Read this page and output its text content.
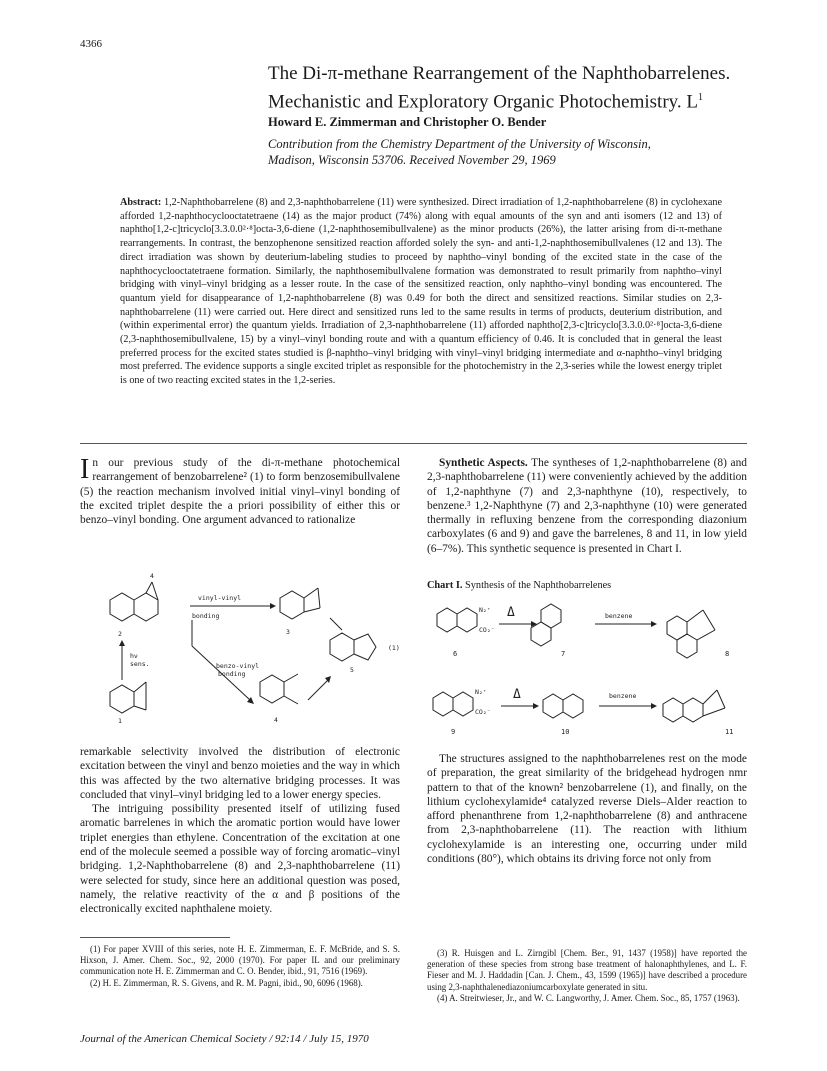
4366
The Di-π-methane Rearrangement of the Naphthobarrelenes.
Mechanistic and Exploratory Organic Photochemistry. $L^1$
Howard E. Zimmerman and Christopher O. Bender
Contribution from the Chemistry Department of the University of Wisconsin,
Madison, Wisconsin 53706. Received November 29, 1969
Abstract: 1,2-Naphthobarrelene (8) and 2,3-naphthobarrelene (11) were synthesized. Direct irradiation of 1,2-naphthobarrelene (8) in cyclohexane afforded 1,2-naphthocyclooctatetraene (14) as the major product (74%) along with equal amounts of the syn and anti isomers (12 and 13) of naphtho[1,2-c]tricyclo[3.3.0.0²·⁸]octa-3,6-diene (1,2-naphthosemibullvalene) as the minor products (26%), the latter arising from di-π-methane rearrangements. In contrast, the benzophenone sensitized reaction afforded solely the syn- and anti-1,2-naphthosemibullvalenes (12 and 13). The direct irradiation was shown by deuterium-labeling studies to proceed by naphtho–vinyl bonding of the excited state in the case of the naphthocyclooctatetraene formation. Similarly, the naphthosemibullvalene formation was demonstrated to result primarily from naphtho–vinyl bridging with vinyl–vinyl bridging as a lesser route. In the case of the sensitized reaction, only naphtho–vinyl bonding was encountered. The quantum yield for disappearance of 1,2-naphthobarrelene (8) was 0.49 for both the direct and sensitized reactions. Similar studies on 2,3-naphthobarrelene (11) were carried out. Here direct and sensitized runs led to the same results in terms of products, deuterium distribution, and (within experimental error) the quantum yields. Irradiation of 2,3-naphthobarrelene (11) afforded naphtho[2,3-c]tricyclo[3.3.0.0²·⁸]octa-3,6-diene (2,3-naphthosemibullvalene, 15) by a vinyl–vinyl bonding route and with a quantum efficiency of 0.46. It is concluded that in general the least preferred process for the excited states studied is β-naphtho–vinyl bridging with vinyl–vinyl bridging intermediate and α-naphtho–vinyl bridging most preferred. The evidence supports a single excited triplet as responsible for the photochemistry in the 2,3-series while the lowest energy triplet is one of two reacting excited states in the 1,2-series.

In our previous study of the di-π-methane photochemical rearrangement of benzobarrelene² (1) to form benzosemibullvalene (5) the reaction mechanism involved initial vinyl–vinyl bonding of the excited triplet despite the a priori possibility of either this or benzo–vinyl bonding. One argument advanced to rationalize

4
2
vinyl-vinyl
bonding
3
(1)
5
hν
sens.	benzo-vinyl
bonding
1	4

remarkable selectivity involved the distribution of electronic excitation between the vinyl and benzo moieties and the way in which this was affected by the two alternative bridging processes. It was concluded that vinyl–vinyl bridging led to a lower energy species.

The intriguing possibility presented itself of utilizing fused aromatic barrelenes in which the aromatic portion would have lower triplet energies than ethylene. Concentration of the excitation at one end of the molecule seemed a possible way of forcing aromatic–vinyl bridging. 1,2-Naphthobarrelene (8) and 2,3-naphthobarrelene (11) were selected for study, since here an additional question was posed, namely, the relative reactivity of the α and β positions of the electronically excited naphthalene moiety.

(1) For paper XVIII of this series, note H. E. Zimmerman, E. F. McBride, and S. S. Hixson, J. Amer. Chem. Soc., 92, 2000 (1970). For paper IL and our preliminary communication note H. E. Zimmerman and C. O. Bender, ibid., 91, 7516 (1969).

(2) H. E. Zimmerman, R. S. Givens, and R. M. Pagni, ibid., 90, 6096 (1968).

Synthetic Aspects. The syntheses of 1,2-naphthobarrelene (8) and 2,3-naphthobarrelene (11) were conveniently achieved by the addition of 1,2-naphthyne (7) and 2,3-naphthyne (10), respectively, to benzene.³ 1,2-Naphthyne (7) and 2,3-naphthyne (10) were generated thermally in refluxing benzene from the corresponding diazonium carboxylates (6 and 9) and gave the barrelenes, 8 and 11, in low yield (6–7%). This synthetic sequence is presented in Chart I.

Chart I. Synthesis of the Naphthobarrelenes
N₂⁺
CO₂⁻
6
Δ
7
benzene
8
N₂⁺
CO₂⁻
9
Δ
10
benzene
11

The structures assigned to the naphthobarrelenes rest on the mode of preparation, the great similarity of the bridgehead hydrogen nmr pattern to that of the known² benzobarrelene (1), and finally, on the lithium cyclohexylamide⁴ catalyzed reverse Diels–Alder reaction to afford phenanthrene from 1,2-naphthobarrelene (8) and anthracene from 2,3-naphthobarrelene (11). The reaction with lithium cyclohexylamide is an interesting one, occurring under mild conditions (80°), which obtains its driving force not only from

(3) R. Huisgen and L. Zirngibl [Chem. Ber., 91, 1437 (1958)] have reported the generation of these species from strong base treatment of halonaphthylenes, and L. F. Fieser and M. J. Haddadin [Can. J. Chem., 43, 1599 (1965)] have described a procedure using 2,3-naphthalenediazoniumcarboxylate generated in situ.

(4) A. Streitwieser, Jr., and W. C. Langworthy, J. Amer. Chem. Soc., 85, 1757 (1963).

Journal of the American Chemical Society / 92:14 / July 15, 1970
